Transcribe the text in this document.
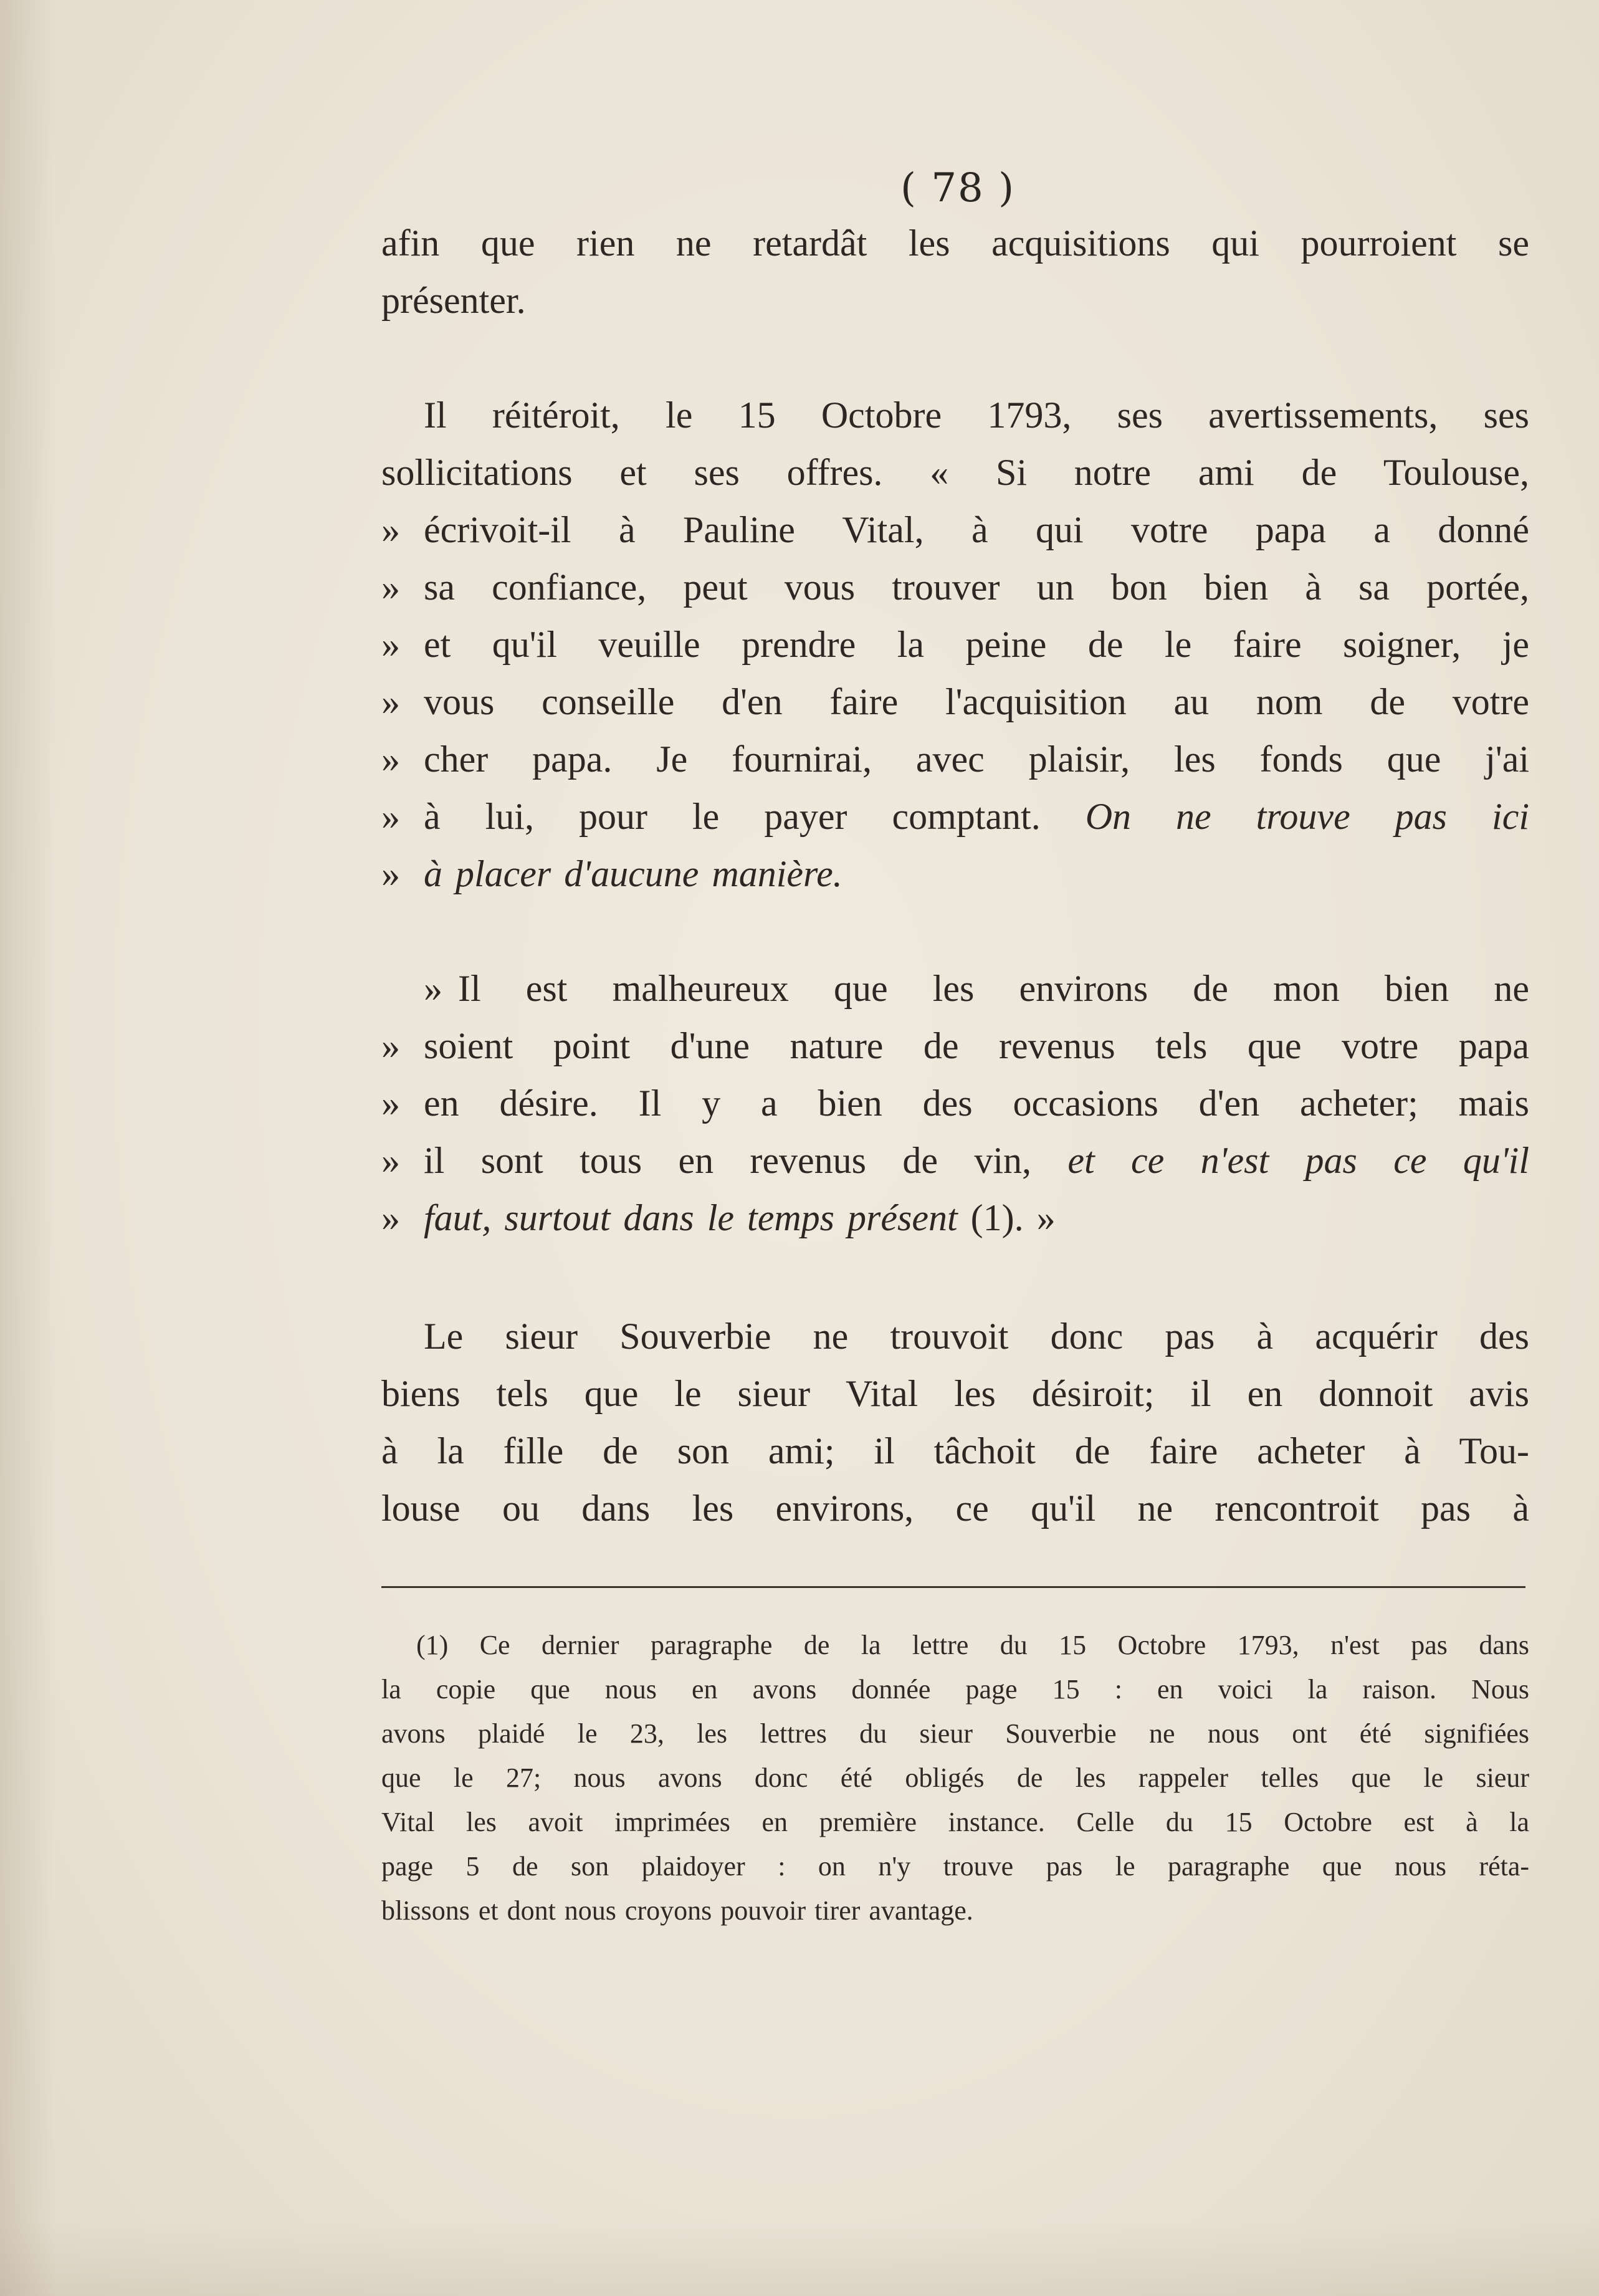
( 78 )
afin que rien ne retardât les acquisitions qui pourroient se
présenter.
Il réitéroit, le 15 Octobre 1793, ses avertissements, ses
sollicitations et ses offres. « Si notre ami de Toulouse,
» écrivoit-il à Pauline Vital, à qui votre papa a donné
» sa confiance, peut vous trouver un bon bien à sa portée,
» et qu'il veuille prendre la peine de le faire soigner, je
» vous conseille d'en faire l'acquisition au nom de votre
» cher papa. Je fournirai, avec plaisir, les fonds que j'ai
» à lui, pour le payer comptant. On ne trouve pas ici
» à placer d'aucune manière.
» Il est malheureux que les environs de mon bien ne
» soient point d'une nature de revenus tels que votre papa
» en désire. Il y a bien des occasions d'en acheter; mais
» il sont tous en revenus de vin, et ce n'est pas ce qu'il
» faut, surtout dans le temps présent (1). »
Le sieur Souverbie ne trouvoit donc pas à acquérir des
biens tels que le sieur Vital les désiroit; il en donnoit avis
à la fille de son ami; il tâchoit de faire acheter à Tou-
louse ou dans les environs, ce qu'il ne rencontroit pas à
(1) Ce dernier paragraphe de la lettre du 15 Octobre 1793, n'est pas dans
la copie que nous en avons donnée page 15 : en voici la raison. Nous
avons plaidé le 23, les lettres du sieur Souverbie ne nous ont été signifiées
que le 27; nous avons donc été obligés de les rappeler telles que le sieur
Vital les avoit imprimées en première instance. Celle du 15 Octobre est à la
page 5 de son plaidoyer : on n'y trouve pas le paragraphe que nous réta-
blissons et dont nous croyons pouvoir tirer avantage.
